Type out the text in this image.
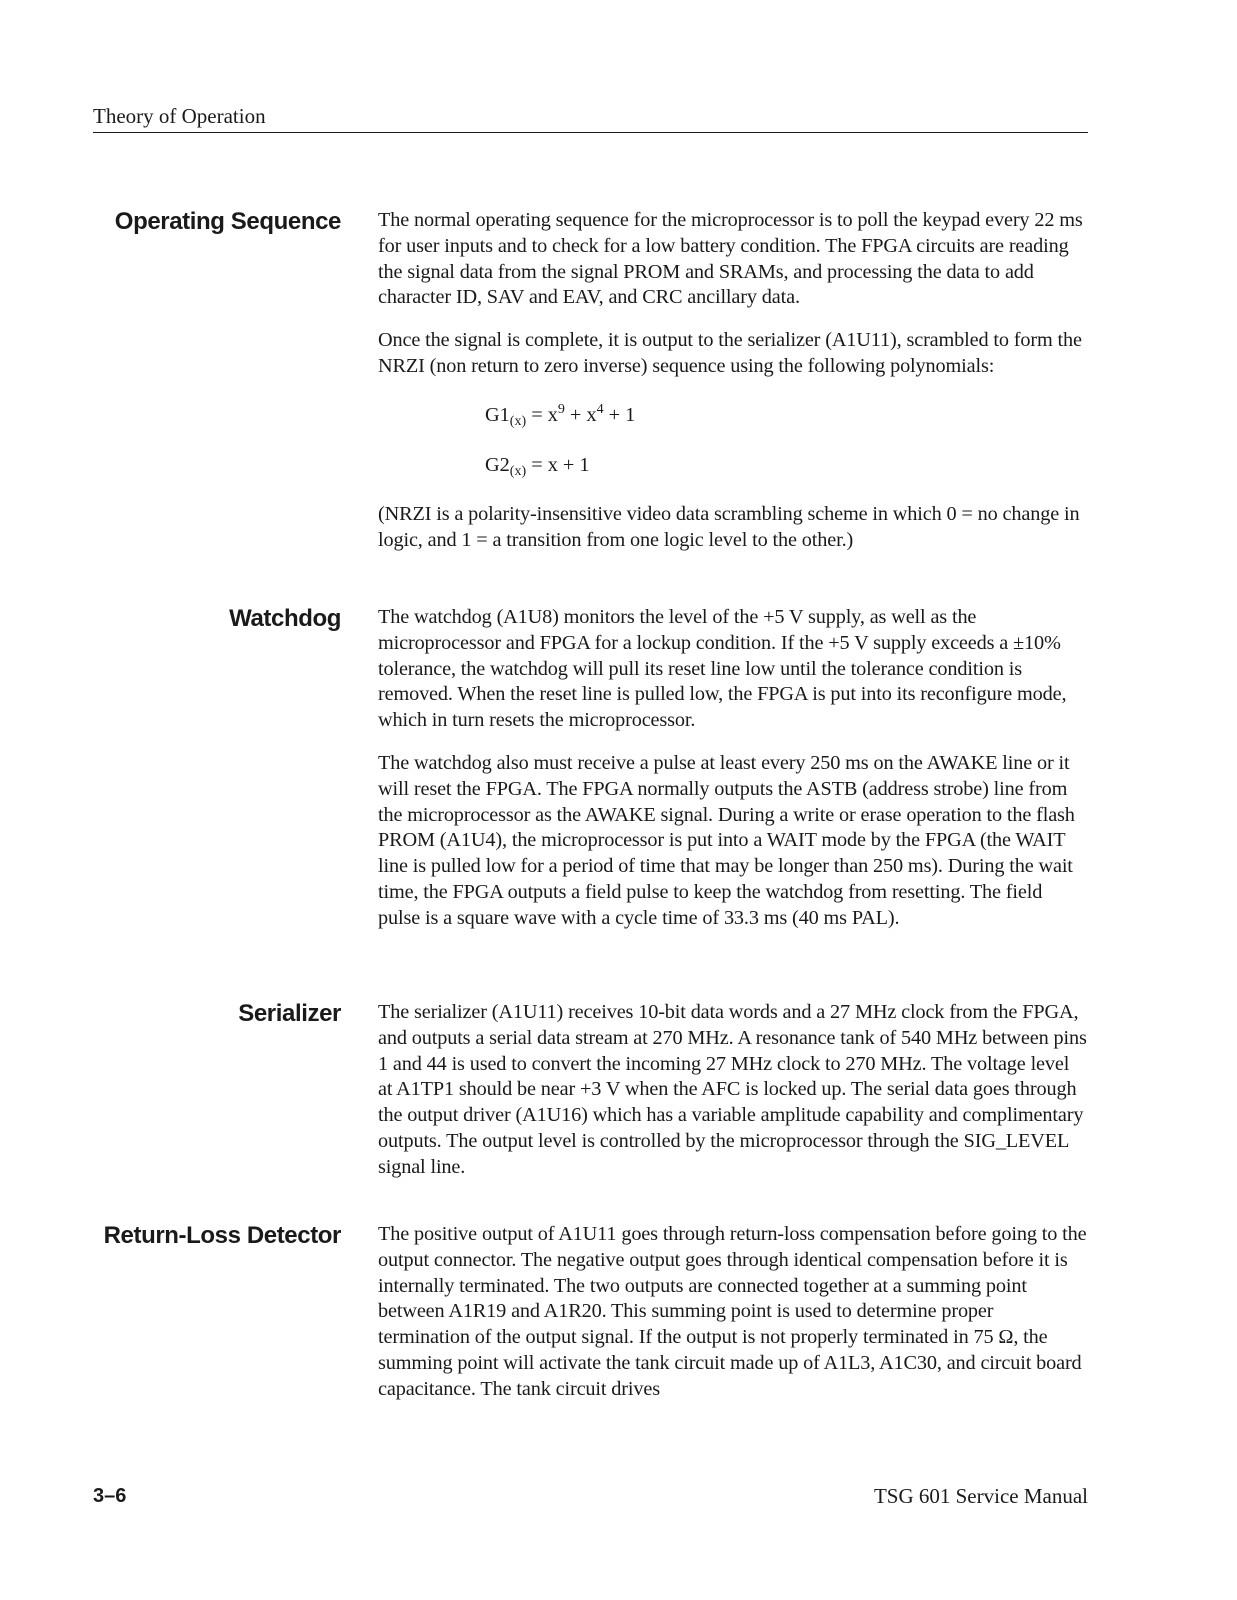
Theory of Operation
Operating Sequence The normal operating sequence for the microprocessor is to poll the keypad every 22 ms for user inputs and to check for a low battery condition. The FPGA circuits are reading the signal data from the signal PROM and SRAMs, and processing the data to add character ID, SAV and EAV, and CRC ancillary data.

Once the signal is complete, it is output to the serializer (A1U11), scrambled to form the NRZI (non return to zero inverse) sequence using the following polynomials:

$G1_{(x)} = x^9 + x^4 + 1$
$G2_{(x)} = x + 1$

(NRZI is a polarity-insensitive video data scrambling scheme in which 0 = no change in logic, and 1 = a transition from one logic level to the other.)

Watchdog The watchdog (A1U8) monitors the level of the +5 V supply, as well as the microprocessor and FPGA for a lockup condition. If the +5 V supply exceeds a ±10% tolerance, the watchdog will pull its reset line low until the tolerance condition is removed. When the reset line is pulled low, the FPGA is put into its reconfigure mode, which in turn resets the microprocessor.

The watchdog also must receive a pulse at least every 250 ms on the AWAKE line or it will reset the FPGA. The FPGA normally outputs the ASTB (address strobe) line from the microprocessor as the AWAKE signal. During a write or erase operation to the flash PROM (A1U4), the microprocessor is put into a WAIT mode by the FPGA (the WAIT line is pulled low for a period of time that may be longer than 250 ms). During the wait time, the FPGA outputs a field pulse to keep the watchdog from resetting. The field pulse is a square wave with a cycle time of 33.3 ms (40 ms PAL).

Serializer The serializer (A1U11) receives 10-bit data words and a 27 MHz clock from the FPGA, and outputs a serial data stream at 270 MHz. A resonance tank of 540 MHz between pins 1 and 44 is used to convert the incoming 27 MHz clock to 270 MHz. The voltage level at A1TP1 should be near +3 V when the AFC is locked up. The serial data goes through the output driver (A1U16) which has a variable amplitude capability and complimentary outputs. The output level is controlled by the microprocessor through the SIG_LEVEL signal line.

Return-Loss Detector The positive output of A1U11 goes through return-loss compensation before going to the output connector. The negative output goes through identical compensation before it is internally terminated. The two outputs are connected together at a summing point between A1R19 and A1R20. This summing point is used to determine proper termination of the output signal. If the output is not properly terminated in 75 Ω, the summing point will activate the tank circuit made up of A1L3, A1C30, and circuit board capacitance. The tank circuit drives

3–6	TSG 601 Service Manual
